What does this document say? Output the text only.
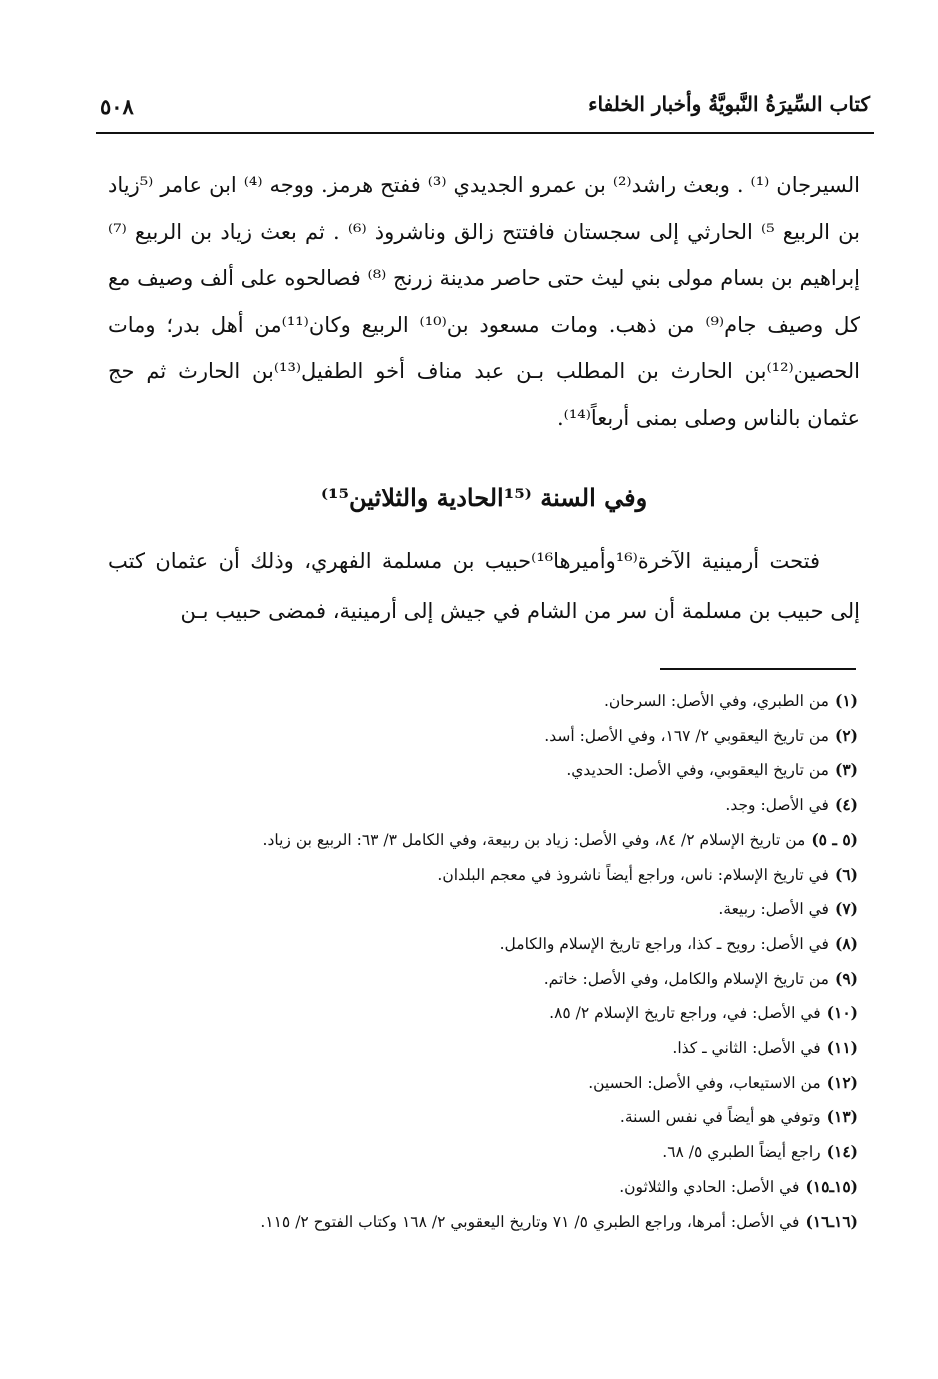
كتاب السِّيرَةُ النَّبويَّةُ وأخبار الخلفاء
٥٠٨

السيرجان ⁽¹⁾ . وبعث راشد⁽²⁾ بن عمرو الجديدي ⁽³⁾ ففتح هرمز. ووجه ⁽⁴⁾ ابن عامر ⁽⁵زياد بن الربيع ⁵⁾ الحارثي إلى سجستان فافتتح زالق وناشروذ ⁽⁶⁾ . ثم بعث زياد بن الربيع ⁽⁷⁾ إبراهيم بن بسام مولى بني ليث حتى حاصر مدينة زرنج ⁽⁸⁾ فصالحوه على ألف وصيف مع كل وصيف جام⁽⁹⁾ من ذهب. ومات مسعود بن⁽¹⁰⁾ الربيع وكان⁽¹¹⁾من أهل بدر؛ ومات الحصين⁽¹²⁾بن الحارث بن المطلب بـن عبد مناف أخو الطفيل⁽¹³⁾بن الحارث ثم حج عثمان بالناس وصلى بمنى أربعاً⁽¹⁴⁾.

وفي السنة ⁽¹⁵الحادية والثلاثين¹⁵⁾

فتحت أرمينية الآخرة⁽¹⁶وأميرها¹⁶⁾حبيب بن مسلمة الفهري، وذلك أن عثمان كتب إلى حبيب بن مسلمة أن سر من الشام في جيش إلى أرمينية، فمضى حبيب بـن

(١)من الطبري، وفي الأصل: السرحان.
(٢)من تاريخ اليعقوبي ٢/ ١٦٧، وفي الأصل: أسد.
(٣)من تاريخ اليعقوبي، وفي الأصل: الحديدي.
(٤)في الأصل: وجد.
(٥ ـ ٥)من تاريخ الإسلام ٢/ ٨٤، وفي الأصل: زياد بن ربيعة، وفي الكامل ٣/ ٦٣: الربيع بن زياد.
(٦)في تاريخ الإسلام: ناس، وراجع أيضاً ناشروذ في معجم البلدان.
(٧)في الأصل: ربيعة.
(٨)في الأصل: رويح ـ كذا، وراجع تاريخ الإسلام والكامل.
(٩)من تاريخ الإسلام والكامل، وفي الأصل: خاتم.
(١٠)في الأصل: في، وراجع تاريخ الإسلام ٢/ ٨٥.
(١١)في الأصل: الثاني ـ كذا.
(١٢)من الاستيعاب، وفي الأصل: الحسين.
(١٣)وتوفي هو أيضاً في نفس السنة.
(١٤)راجع أيضاً الطبري ٥/ ٦٨.
(١٥ـ١٥)في الأصل: الحادي والثلاثون.
(١٦ـ١٦)في الأصل: أمرها، وراجع الطبري ٥/ ٧١ وتاريخ اليعقوبي ٢/ ١٦٨ وكتاب الفتوح ٢/ ١١٥.
